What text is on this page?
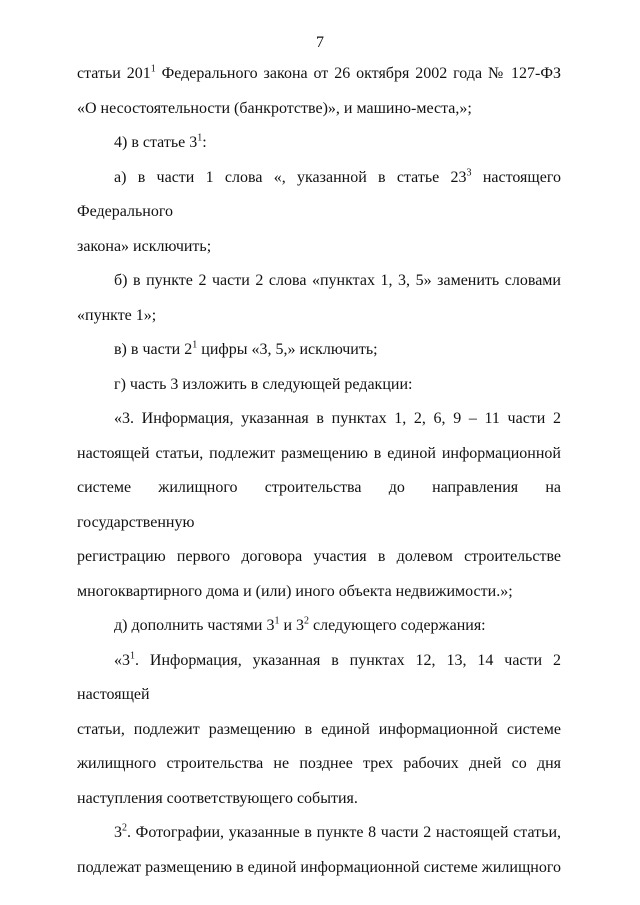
7

статьи $201^1$ Федерального закона от 26 октября 2002 года № 127-ФЗ

«О несостоятельности (банкротстве)», и машино-места,»;

4) в статье $3^1$:

а) в части 1 слова «, указанной в статье $23^3$ настоящего Федерального

закона» исключить;

б) в пункте 2 части 2 слова «пунктах 1, 3, 5» заменить словами

«пункте 1»;

в) в части $2^1$ цифры «3, 5,» исключить;

г) часть 3 изложить в следующей редакции:

«3. Информация, указанная в пунктах 1, 2, 6, 9 – 11 части 2

настоящей статьи, подлежит размещению в единой информационной

системе жилищного строительства до направления на государственную

регистрацию первого договора участия в долевом строительстве

многоквартирного дома и (или) иного объекта недвижимости.»;

д) дополнить частями $3^1$ и $3^2$ следующего содержания:

«$3^1$. Информация, указанная в пунктах 12, 13, 14 части 2 настоящей

статьи, подлежит размещению в единой информационной системе

жилищного строительства не позднее трех рабочих дней со дня

наступления соответствующего события.

$3^2$. Фотографии, указанные в пункте 8 части 2 настоящей статьи,

подлежат размещению в единой информационной системе жилищного
